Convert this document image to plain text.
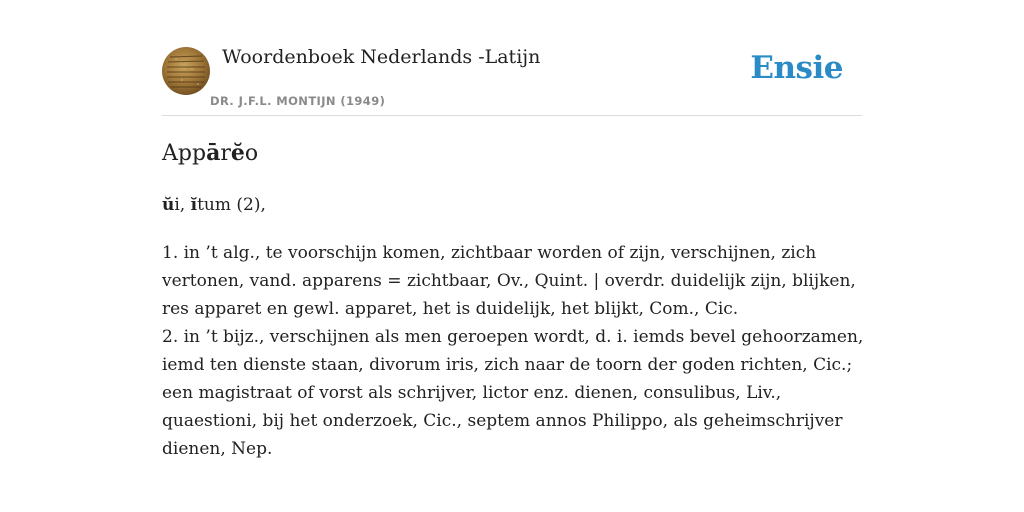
Woordenboek Nederlands -Latijn
DR. J.F.L. MONTIJN (1949)
Ensie
Appārĕo
ŭi, ĭtum (2),

1. in ’t alg., te voorschijn komen, zichtbaar worden of zijn, verschijnen, zich

vertonen, vand. apparens = zichtbaar, Ov., Quint. | overdr. duidelijk zijn, blijken,

res apparet en gewl. apparet, het is duidelijk, het blijkt, Com., Cic.

2. in ’t bijz., verschijnen als men geroepen wordt, d. i. iemds bevel gehoorzamen,

iemd ten dienste staan, divorum iris, zich naar de toorn der goden richten, Cic.;

een magistraat of vorst als schrijver, lictor enz. dienen, consulibus, Liv.,

quaestioni, bij het onderzoek, Cic., septem annos Philippo, als geheimschrijver

dienen, Nep.
